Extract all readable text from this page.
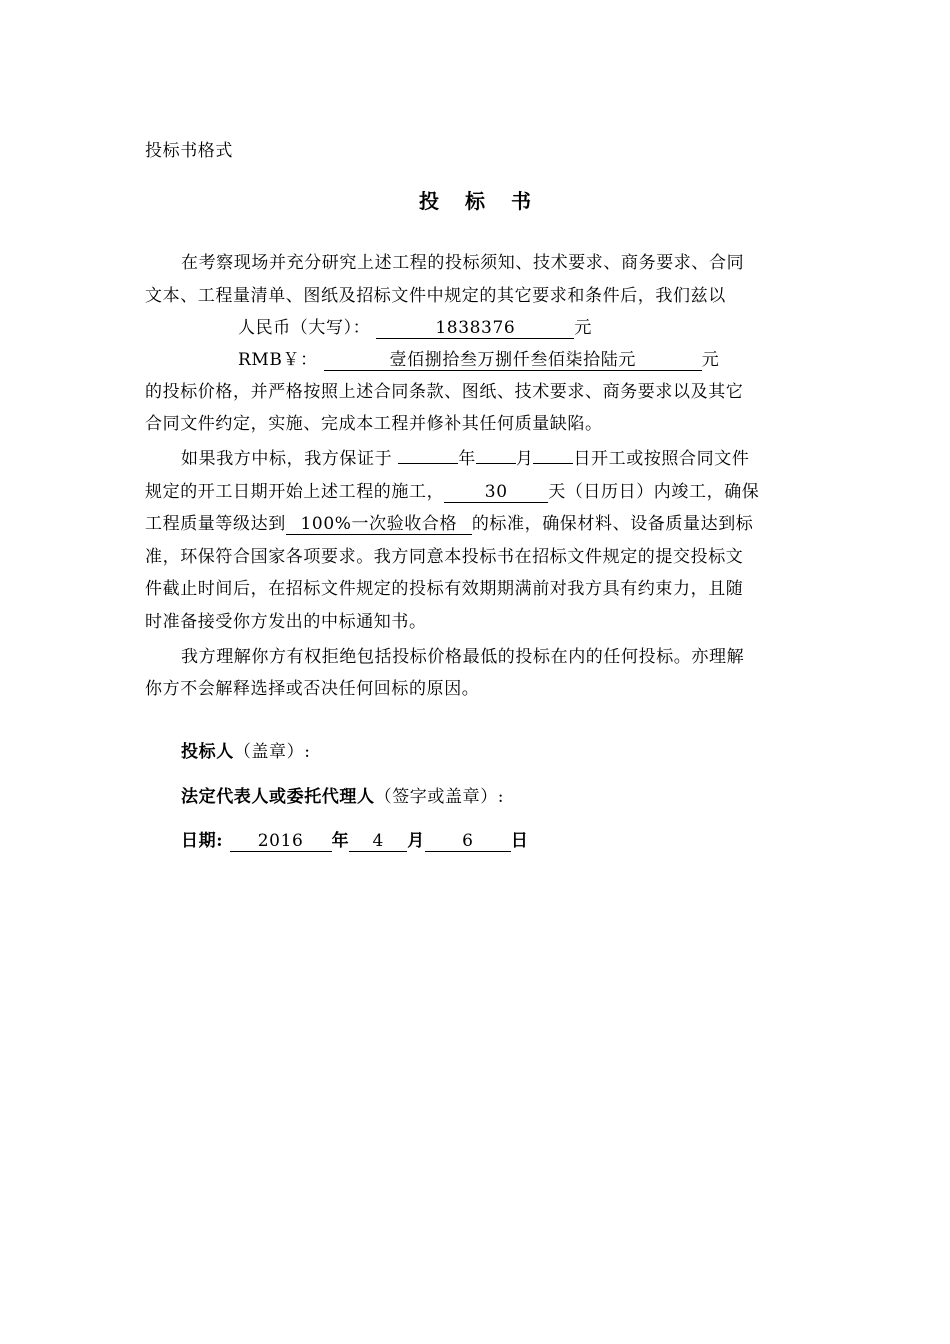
投标书格式
投 标 书
在考察现场并充分研究上述工程的投标须知、技术要求、商务要求、合同
文本、工程量清单、图纸及招标文件中规定的其它要求和条件后，我们兹以
人民币（大写）：	1838376	元
RMB￥：	壹佰捌拾叁万捌仟叁佰柒拾陆元	元
的投标价格，并严格按照上述合同条款、图纸、技术要求、商务要求以及其它
合同文件约定，实施、完成本工程并修补其任何质量缺陷。
如果我方中标，我方保证于	年 月 日开工或按照合同文件
规定的开工日期开始上述工程的施工， 30 天（日历日）内竣工，确保
工程质量等级达到 100%一次验收合格 的标准，确保材料、设备质量达到标
准，环保符合国家各项要求。我方同意本投标书在招标文件规定的提交投标文
件截止时间后，在招标文件规定的投标有效期期满前对我方具有约束力，且随
时准备接受你方发出的中标通知书。
我方理解你方有权拒绝包括投标价格最低的投标在内的任何投标。亦理解
你方不会解释选择或否决任何回标的原因。
投标人（盖章）:
法定代表人或委托代理人（签字或盖章）:
日期: 2016 年 4 月 6 日
